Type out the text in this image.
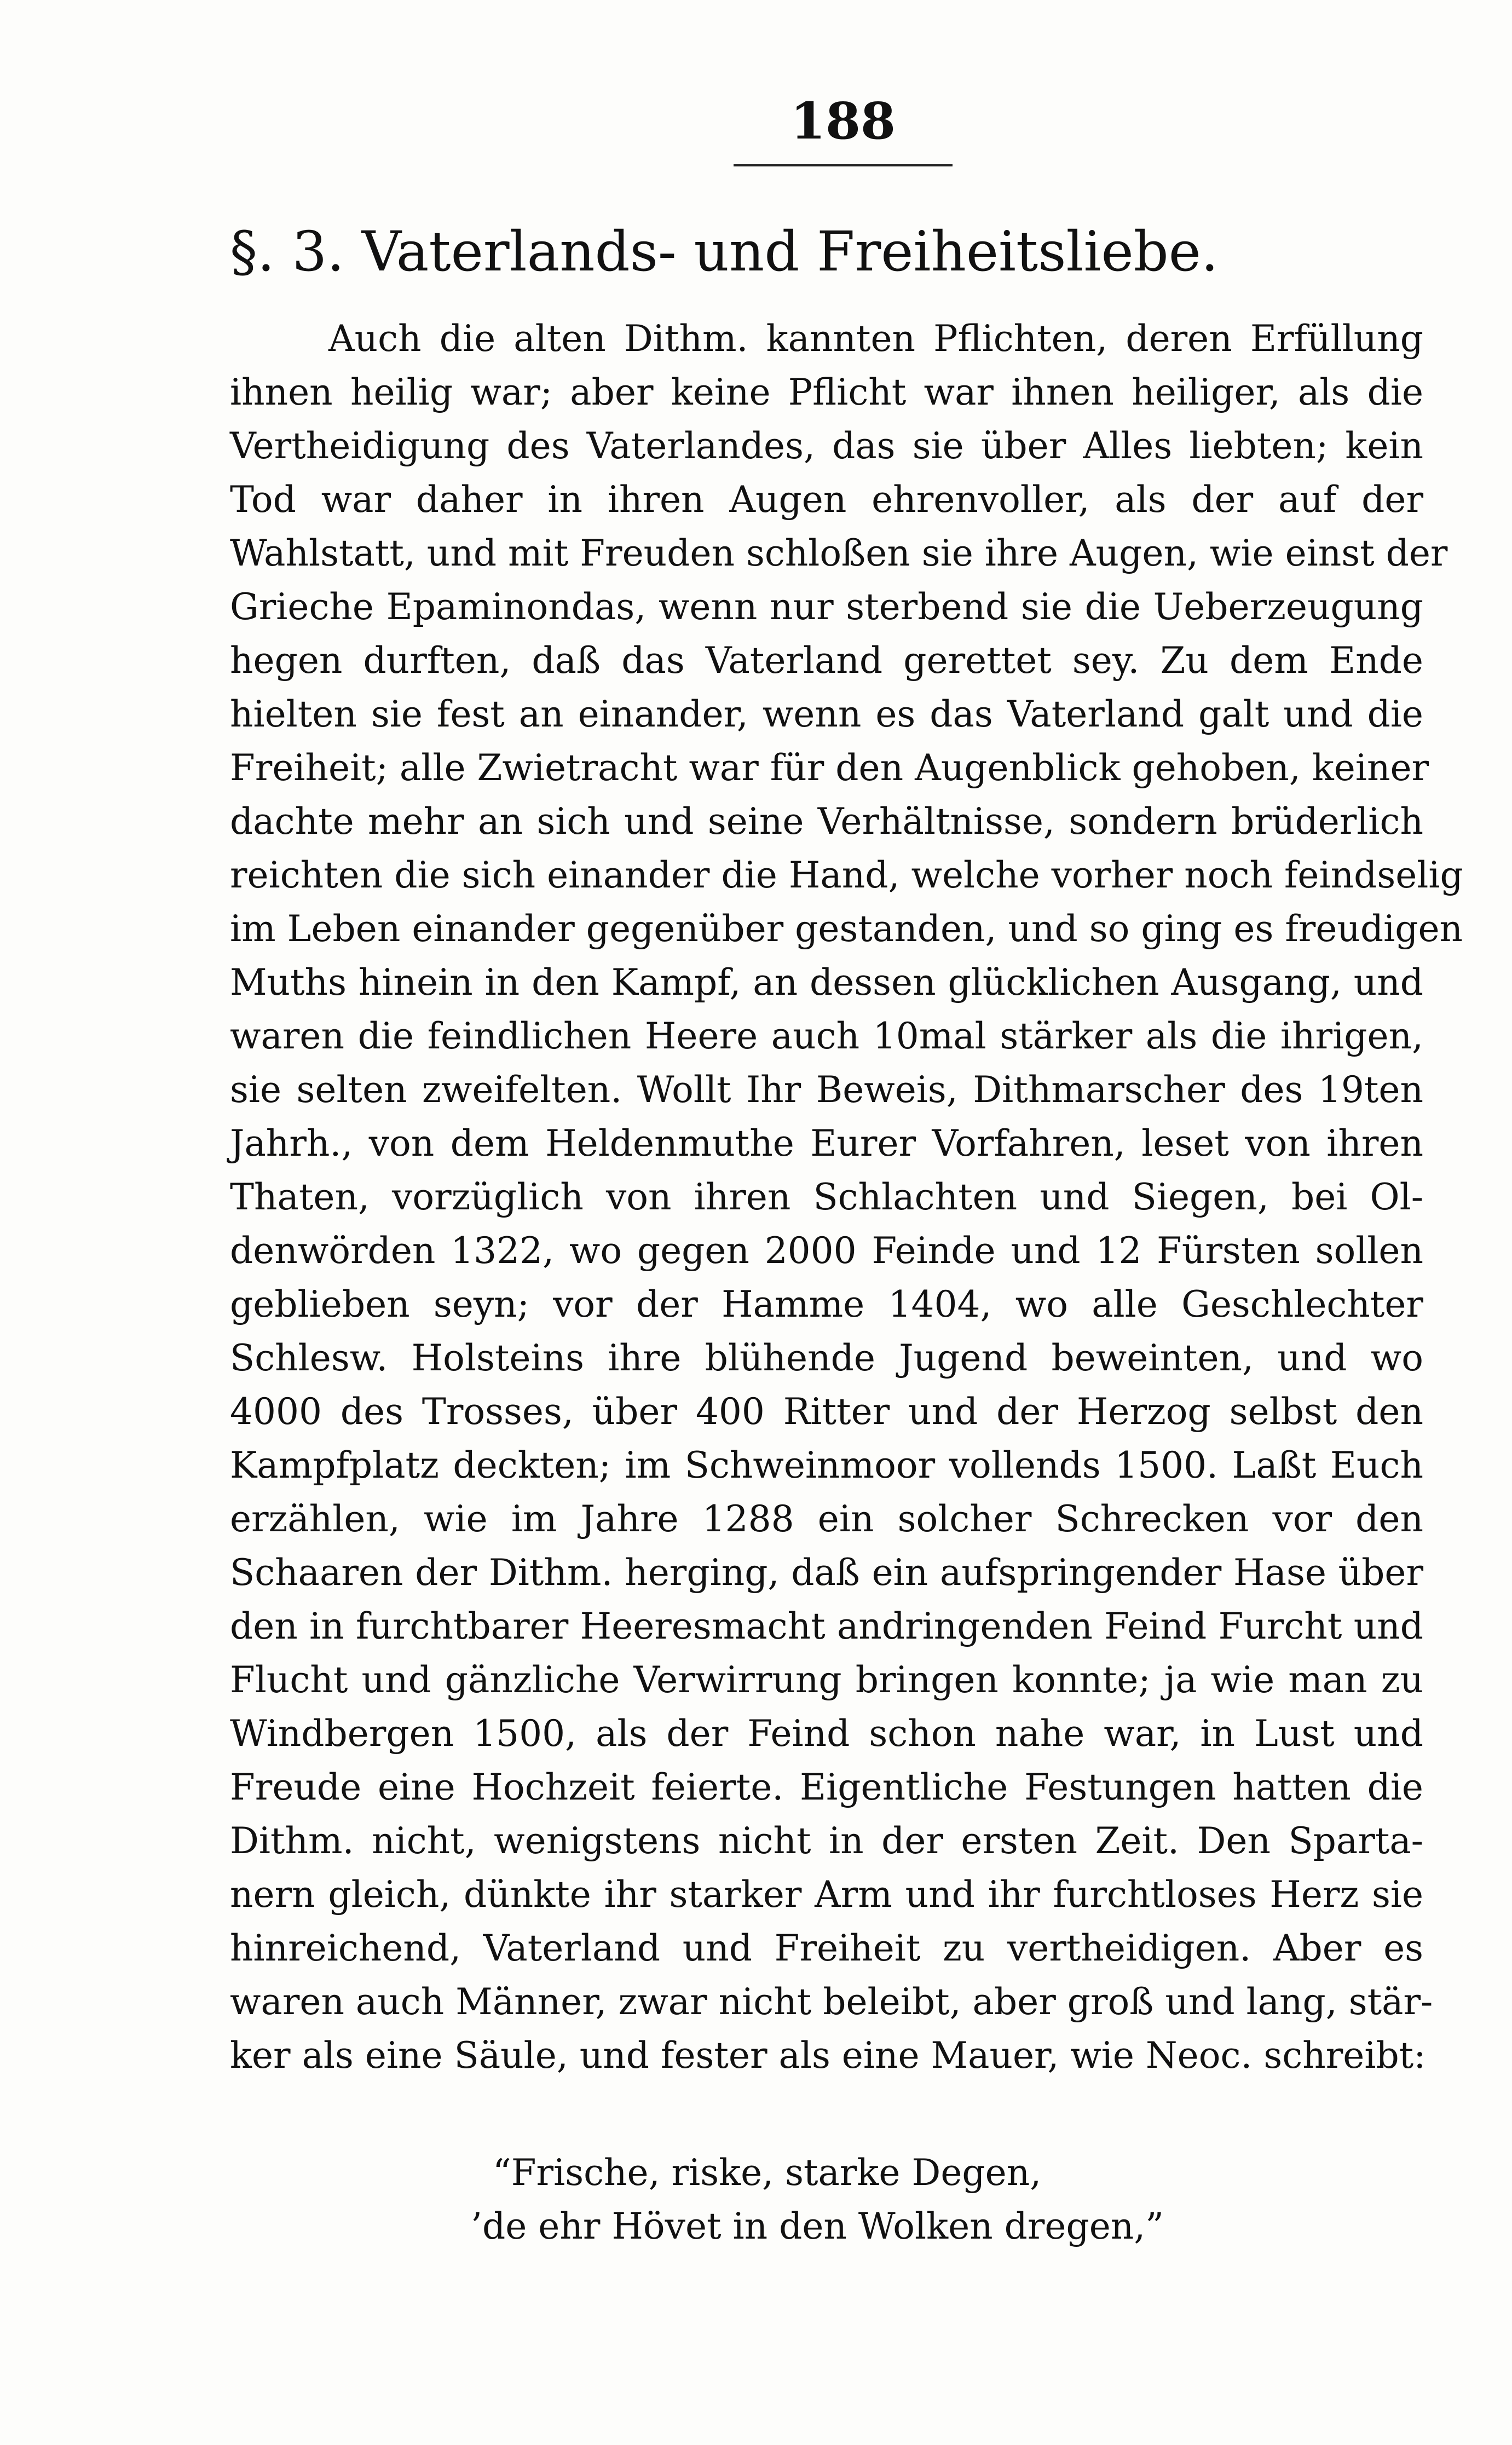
188
§. 3. Vaterlands- und Freiheitsliebe.
Auch die alten Dithm. kannten Pflichten, deren Erfüllung
ihnen heilig war; aber keine Pflicht war ihnen heiliger, als die
Vertheidigung des Vaterlandes, das sie über Alles liebten; kein
Tod war daher in ihren Augen ehrenvoller, als der auf der
Wahlstatt, und mit Freuden schloßen sie ihre Augen, wie einst der
Grieche Epaminondas, wenn nur sterbend sie die Ueberzeugung
hegen durften, daß das Vaterland gerettet sey. Zu dem Ende
hielten sie fest an einander, wenn es das Vaterland galt und die
Freiheit; alle Zwietracht war für den Augenblick gehoben, keiner
dachte mehr an sich und seine Verhältnisse, sondern brüderlich
reichten die sich einander die Hand, welche vorher noch feindselig
im Leben einander gegenüber gestanden, und so ging es freudigen
Muths hinein in den Kampf, an dessen glücklichen Ausgang, und
waren die feindlichen Heere auch 10mal stärker als die ihrigen,
sie selten zweifelten. Wollt Ihr Beweis, Dithmarscher des 19ten
Jahrh., von dem Heldenmuthe Eurer Vorfahren, leset von ihren
Thaten, vorzüglich von ihren Schlachten und Siegen, bei Ol-
denwörden 1322, wo gegen 2000 Feinde und 12 Fürsten sollen
geblieben seyn; vor der Hamme 1404, wo alle Geschlechter
Schlesw. Holsteins ihre blühende Jugend beweinten, und wo
4000 des Trosses, über 400 Ritter und der Herzog selbst den
Kampfplatz deckten; im Schweinmoor vollends 1500. Laßt Euch
erzählen, wie im Jahre 1288 ein solcher Schrecken vor den
Schaaren der Dithm. herging, daß ein aufspringender Hase über
den in furchtbarer Heeresmacht andringenden Feind Furcht und
Flucht und gänzliche Verwirrung bringen konnte; ja wie man zu
Windbergen 1500, als der Feind schon nahe war, in Lust und
Freude eine Hochzeit feierte. Eigentliche Festungen hatten die
Dithm. nicht, wenigstens nicht in der ersten Zeit. Den Sparta-
nern gleich, dünkte ihr starker Arm und ihr furchtloses Herz sie
hinreichend, Vaterland und Freiheit zu vertheidigen. Aber es
waren auch Männer, zwar nicht beleibt, aber groß und lang, stär-
ker als eine Säule, und fester als eine Mauer, wie Neoc. schreibt:
“Frische, riske, starke Degen,
’de ehr Hövet in den Wolken dregen,”
